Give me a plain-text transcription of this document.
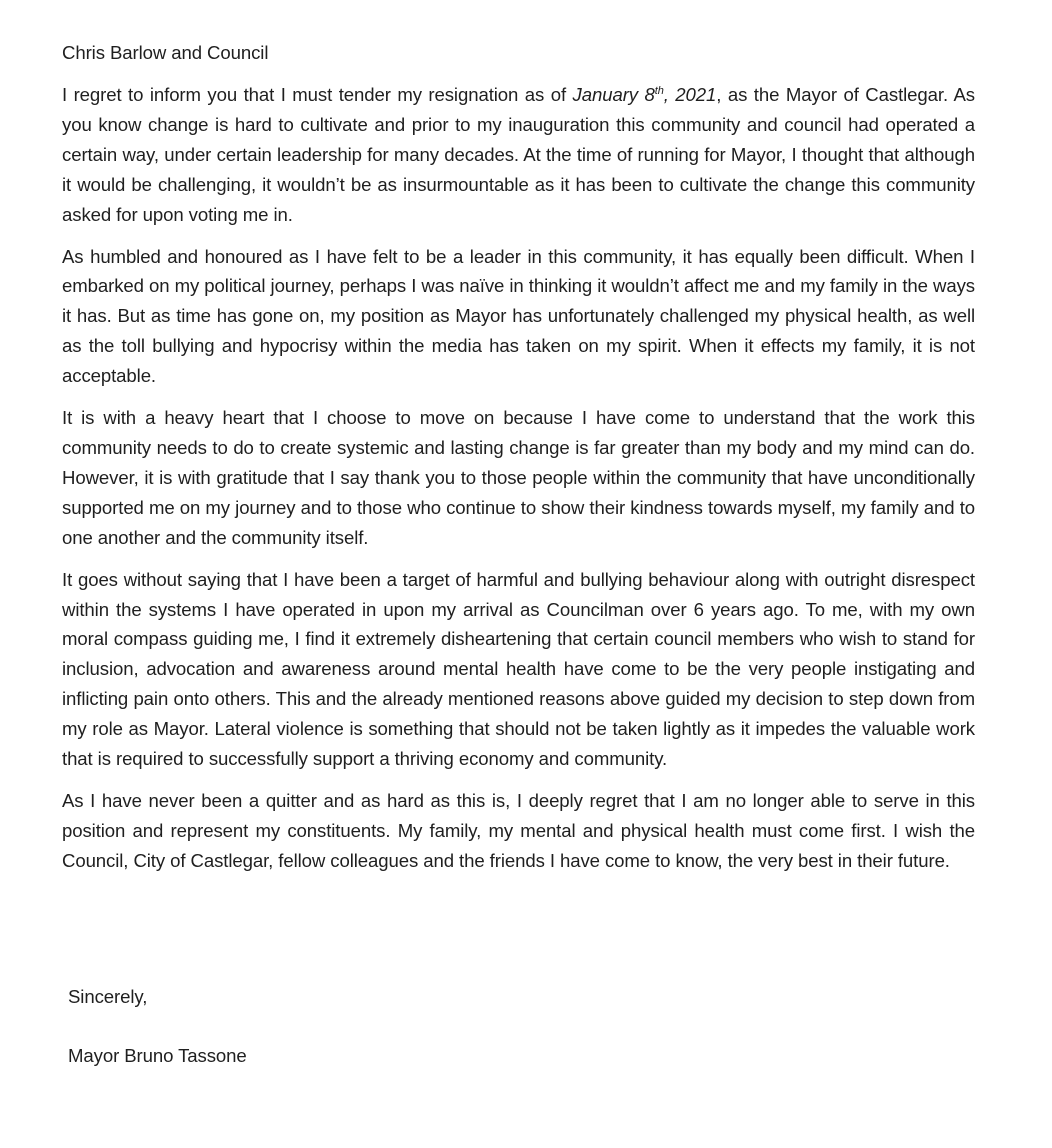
Chris Barlow and Council

I regret to inform you that I must tender my resignation as of January 8th, 2021, as the Mayor of Castlegar. As you know change is hard to cultivate and prior to my inauguration this community and council had operated a certain way, under certain leadership for many decades. At the time of running for Mayor, I thought that although it would be challenging, it wouldn’t be as insurmountable as it has been to cultivate the change this community asked for upon voting me in.

As humbled and honoured as I have felt to be a leader in this community, it has equally been difficult. When I embarked on my political journey, perhaps I was naïve in thinking it wouldn’t affect me and my family in the ways it has. But as time has gone on, my position as Mayor has unfortunately challenged my physical health, as well as the toll bullying and hypocrisy within the media has taken on my spirit. When it effects my family, it is not acceptable.

It is with a heavy heart that I choose to move on because I have come to understand that the work this community needs to do to create systemic and lasting change is far greater than my body and my mind can do. However, it is with gratitude that I say thank you to those people within the community that have unconditionally supported me on my journey and to those who continue to show their kindness towards myself, my family and to one another and the community itself.

It goes without saying that I have been a target of harmful and bullying behaviour along with outright disrespect within the systems I have operated in upon my arrival as Councilman over 6 years ago. To me, with my own moral compass guiding me, I find it extremely disheartening that certain council members who wish to stand for inclusion, advocation and awareness around mental health have come to be the very people instigating and inflicting pain onto others. This and the already mentioned reasons above guided my decision to step down from my role as Mayor. Lateral violence is something that should not be taken lightly as it impedes the valuable work that is required to successfully support a thriving economy and community.

As I have never been a quitter and as hard as this is, I deeply regret that I am no longer able to serve in this position and represent my constituents. My family, my mental and physical health must come first. I wish the Council, City of Castlegar, fellow colleagues and the friends I have come to know, the very best in their future.

Sincerely,

Mayor Bruno Tassone
